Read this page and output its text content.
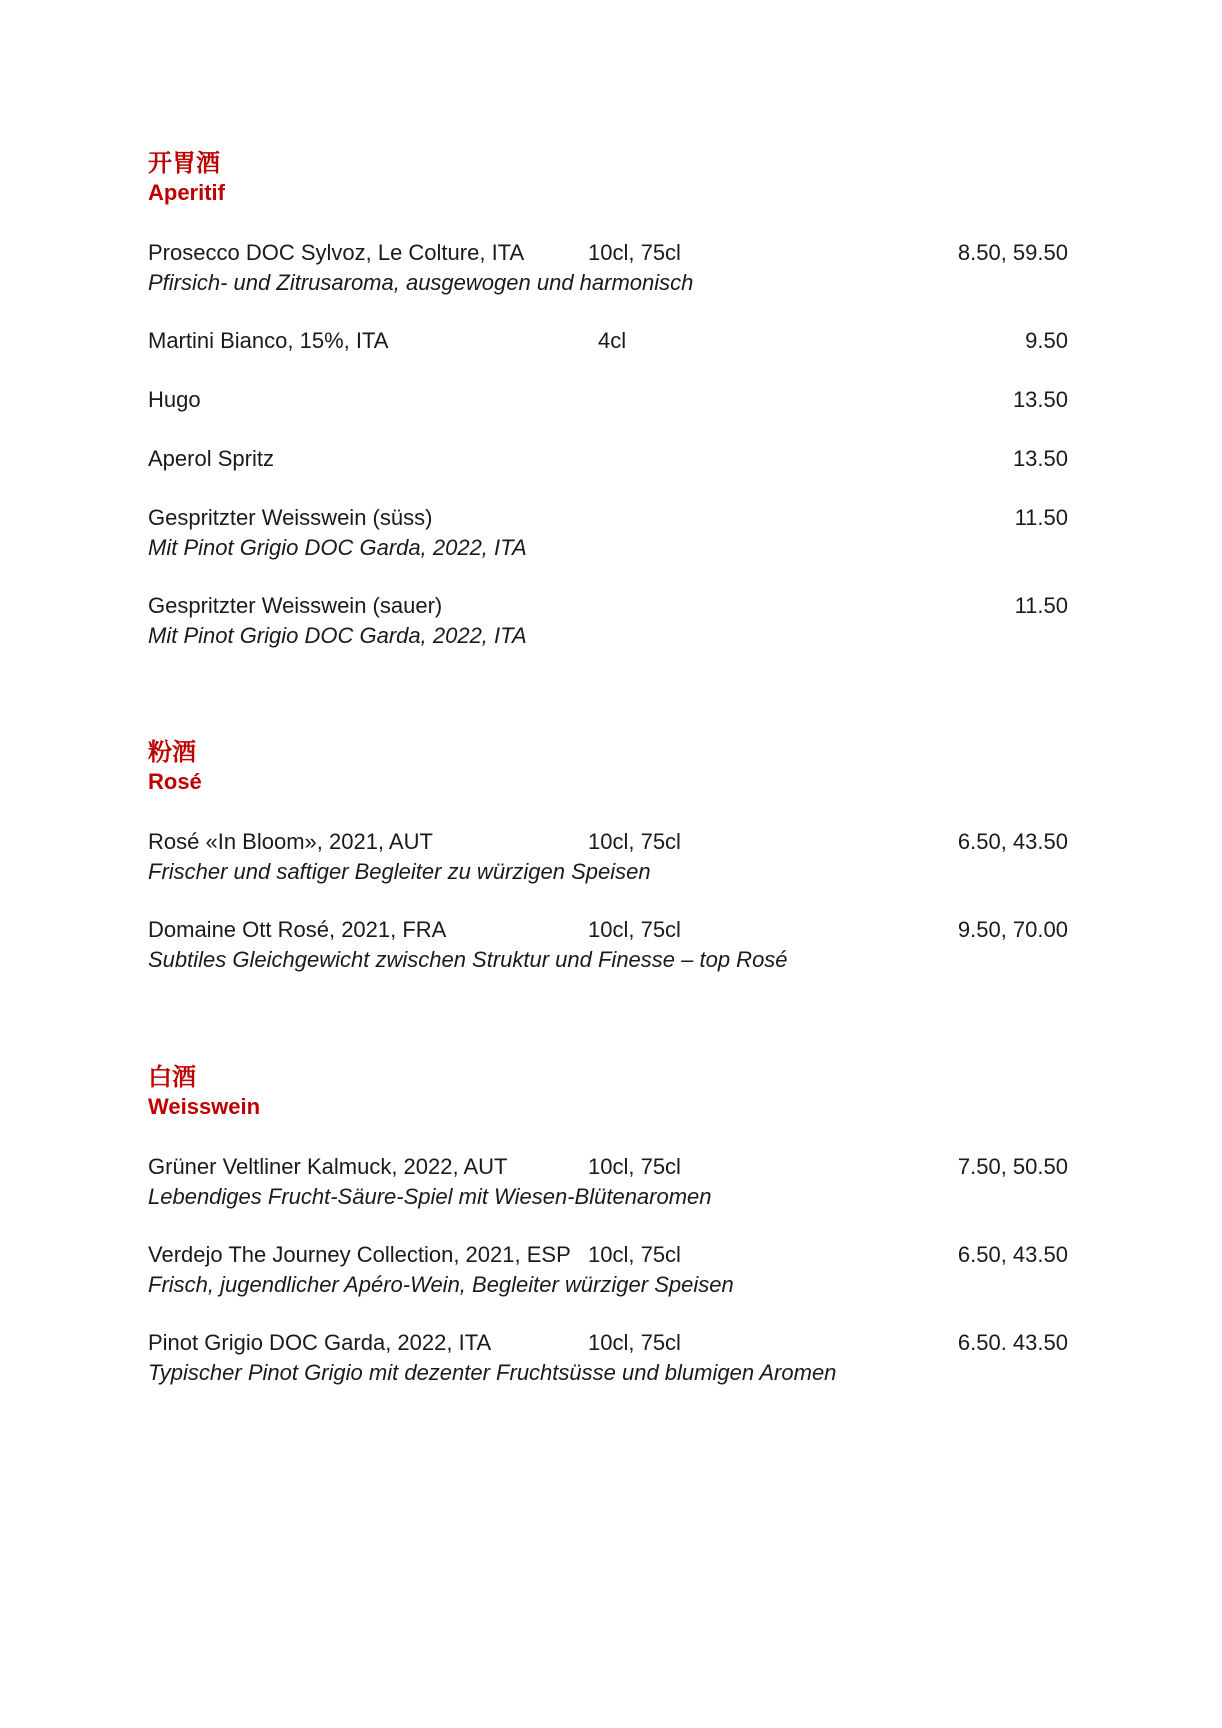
开胃酒
Aperitif
Prosecco DOC Sylvoz, Le Colture, ITA	10cl, 75cl	8.50, 59.50
Pfirsich- und Zitrusaroma, ausgewogen und harmonisch
Martini Bianco, 15%, ITA	4cl	9.50
Hugo	13.50
Aperol Spritz	13.50
Gespritzter Weisswein (süss)	11.50
Mit Pinot Grigio DOC Garda, 2022, ITA
Gespritzter Weisswein (sauer)	11.50
Mit Pinot Grigio DOC Garda, 2022, ITA
粉酒
Rosé
Rosé «In Bloom», 2021, AUT	10cl, 75cl	6.50, 43.50
Frischer und saftiger Begleiter zu würzigen Speisen
Domaine Ott Rosé, 2021, FRA	10cl, 75cl	9.50, 70.00
Subtiles Gleichgewicht zwischen Struktur und Finesse – top Rosé
白酒
Weisswein
Grüner Veltliner Kalmuck, 2022, AUT	10cl, 75cl	7.50, 50.50
Lebendiges Frucht-Säure-Spiel mit Wiesen-Blütenaromen
Verdejo The Journey Collection, 2021, ESP 10cl, 75cl	6.50, 43.50
Frisch, jugendlicher Apéro-Wein, Begleiter würziger Speisen
Pinot Grigio DOC Garda, 2022, ITA	10cl, 75cl	6.50. 43.50
Typischer Pinot Grigio mit dezenter Fruchtsüsse und blumigen Aromen
